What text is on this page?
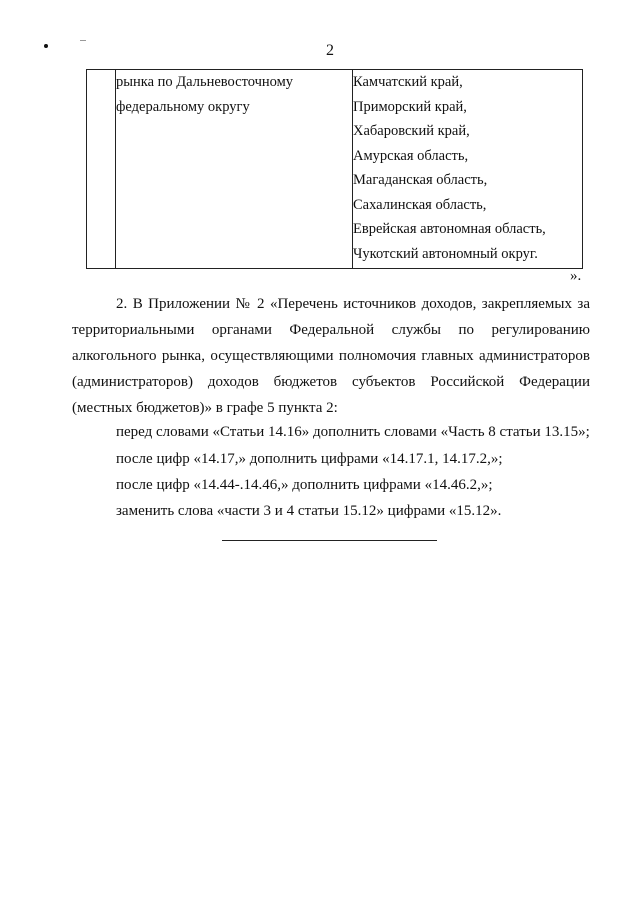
2

рынка по Дальневосточному
федеральному округу

Камчатский край,
Приморский край,
Хабаровский край,
Амурская область,
Магаданская область,
Сахалинская область,
Еврейская автономная область,
Чукотский автономный округ.
».
2. В Приложении № 2 «Перечень источников доходов, закрепляемых за территориальными органами Федеральной службы по регулированию алкогольного рынка, осуществляющими полномочия главных администраторов (администраторов) доходов бюджетов субъектов Российской Федерации (местных бюджетов)» в графе 5 пункта 2:
перед словами «Статьи 14.16» дополнить словами «Часть 8 статьи 13.15»;
после цифр «14.17,» дополнить цифрами «14.17.1, 14.17.2,»;
после цифр «14.44-.14.46,» дополнить цифрами «14.46.2,»;
заменить слова «части 3 и 4 статьи 15.12» цифрами «15.12».
